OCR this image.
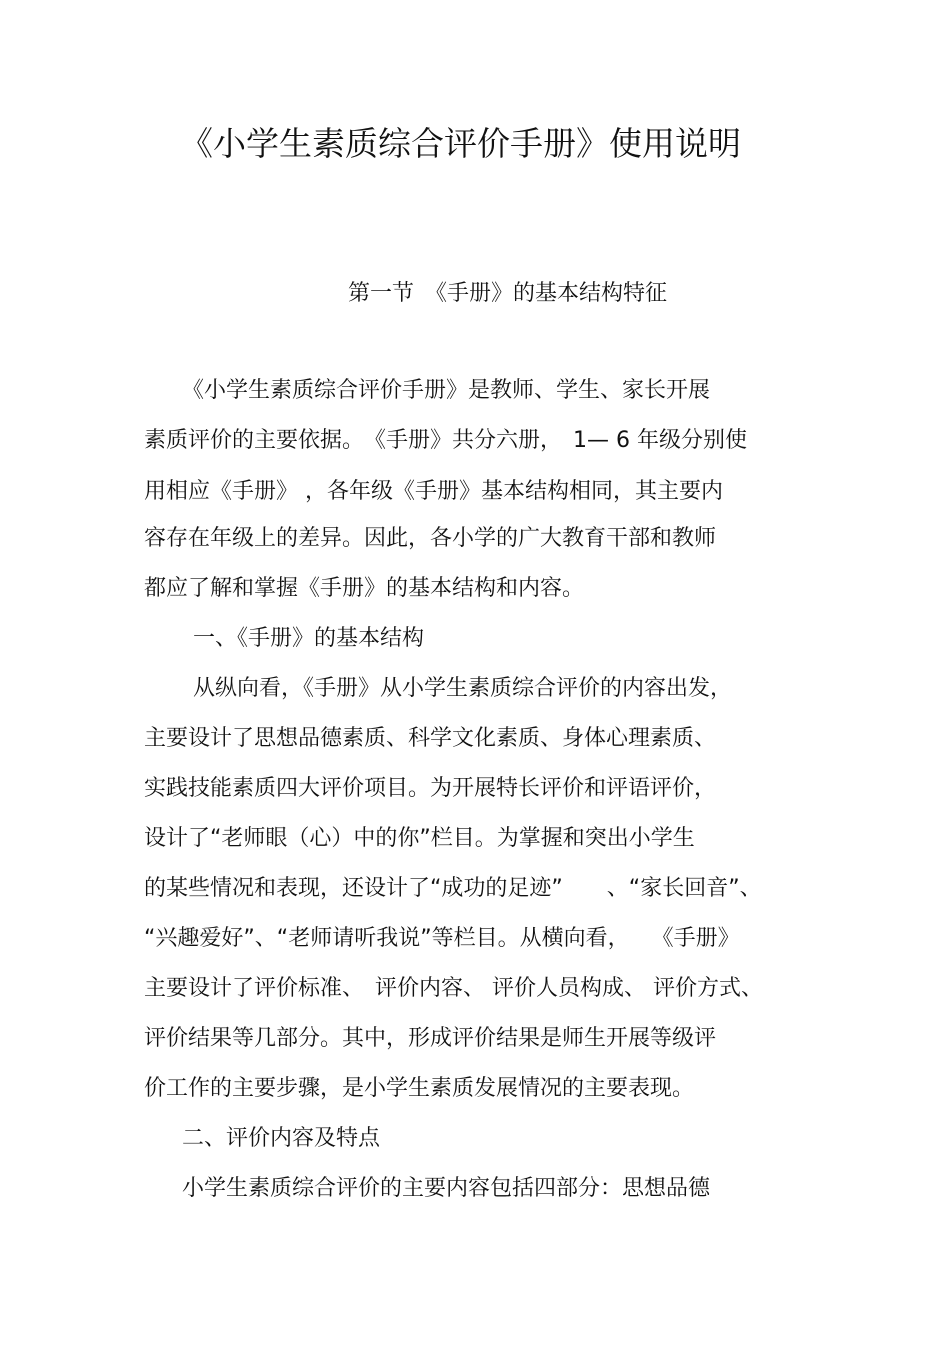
《小学生素质综合评价手册》使用说明
第一节　《手册》的基本结构特征
《小学生素质综合评价手册》是教师、学生、家长开展
素质评价的主要依据。　《手册》共分六册，　1— 6 年级分别使
用相应《手册》 ，各年级《手册》基本结构相同，其主要内
容存在年级上的差异。因此，各小学的广大教育干部和教师
都应了解和掌握《手册》的基本结构和内容。
一、《手册》的基本结构
从纵向看，《手册》从小学生素质综合评价的内容出发，
主要设计了思想品德素质、科学文化素质、身体心理素质、
实践技能素质四大评价项目。为开展特长评价和评语评价，
设计了“老师眼（心）中的你”栏目。为掌握和突出小学生
的某些情况和表现，还设计了“成功的足迹”　　、“家长回音”、
“兴趣爱好”、“老师请听我说”等栏目。从横向看，　　《手册》
主要设计了评价标准、　评价内容、 评价人员构成、 评价方式、
评价结果等几部分。其中，形成评价结果是师生开展等级评
价工作的主要步骤，是小学生素质发展情况的主要表现。
二、评价内容及特点
小学生素质综合评价的主要内容包括四部分：思想品德
